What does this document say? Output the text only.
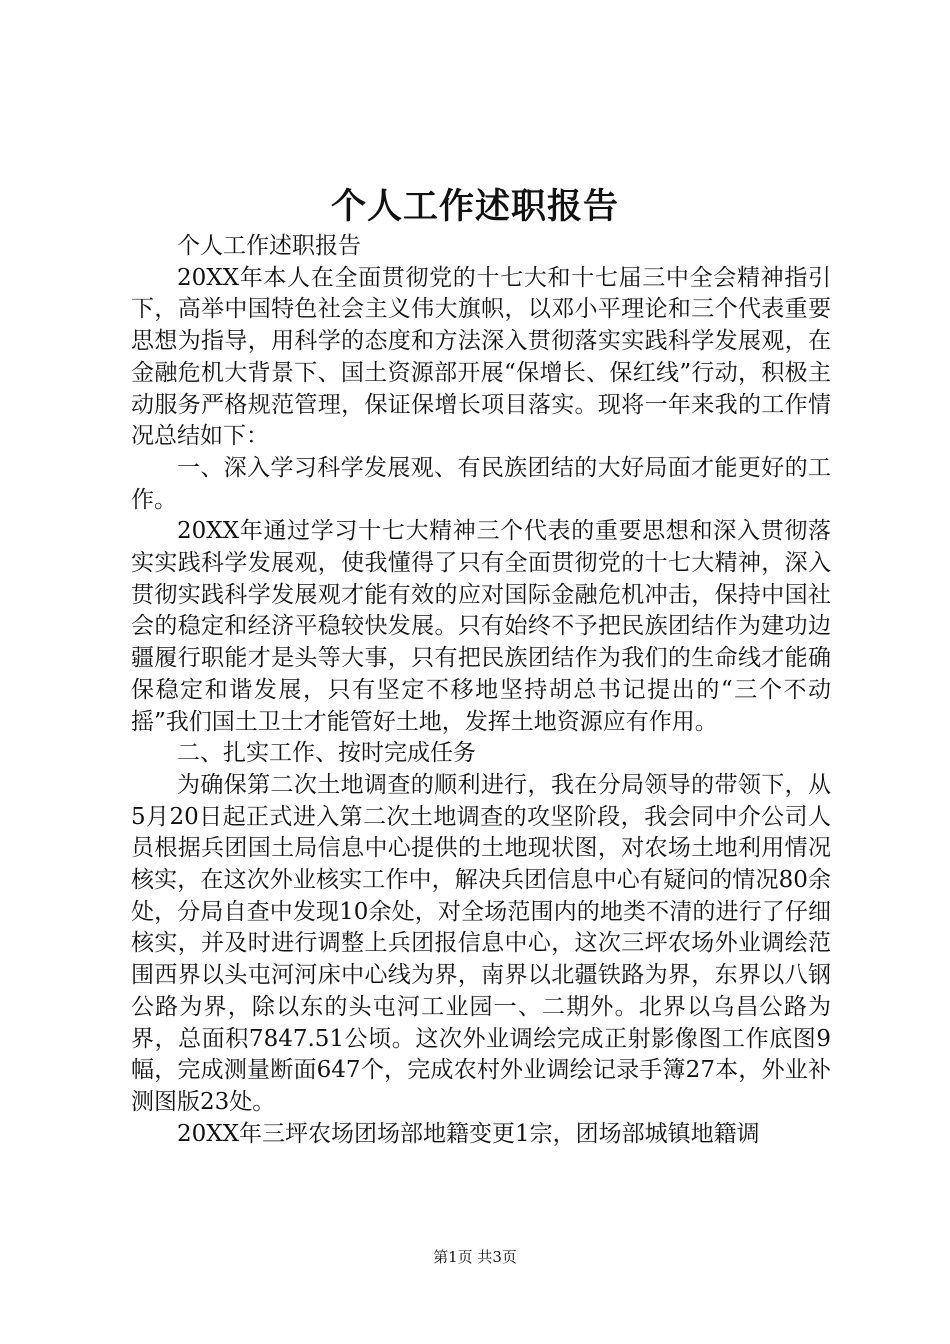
个人工作述职报告

个人工作述职报告

20XX年本人在全面贯彻党的十七大和十七届三中全会精神指引下，高举中国特色社会主义伟大旗帜，以邓小平理论和三个代表重要思想为指导，用科学的态度和方法深入贯彻落实实践科学发展观，在金融危机大背景下、国土资源部开展“保增长、保红线”行动，积极主动服务严格规范管理，保证保增长项目落实。现将一年来我的工作情况总结如下：

一、深入学习科学发展观、有民族团结的大好局面才能更好的工作。

20XX年通过学习十七大精神三个代表的重要思想和深入贯彻落实实践科学发展观，使我懂得了只有全面贯彻党的十七大精神，深入贯彻实践科学发展观才能有效的应对国际金融危机冲击，保持中国社会的稳定和经济平稳较快发展。只有始终不予把民族团结作为建功边疆履行职能才是头等大事，只有把民族团结作为我们的生命线才能确保稳定和谐发展，只有坚定不移地坚持胡总书记提出的“三个不动摇”我们国土卫士才能管好土地，发挥土地资源应有作用。

二、扎实工作、按时完成任务

为确保第二次土地调查的顺利进行，我在分局领导的带领下，从5月20日起正式进入第二次土地调查的攻坚阶段，我会同中介公司人员根据兵团国土局信息中心提供的土地现状图，对农场土地利用情况核实，在这次外业核实工作中，解决兵团信息中心有疑问的情况80余处，分局自查中发现10余处，对全场范围内的地类不清的进行了仔细核实，并及时进行调整上兵团报信息中心，这次三坪农场外业调绘范围西界以头屯河河床中心线为界，南界以北疆铁路为界，东界以八钢公路为界，除以东的头屯河工业园一、二期外。北界以乌昌公路为界，总面积7847.51公顷。这次外业调绘完成正射影像图工作底图9幅，完成测量断面647个，完成农村外业调绘记录手簿27本，外业补测图版23处。

20XX年三坪农场团场部地籍变更1宗，团场部城镇地籍调

第1页 共3页
